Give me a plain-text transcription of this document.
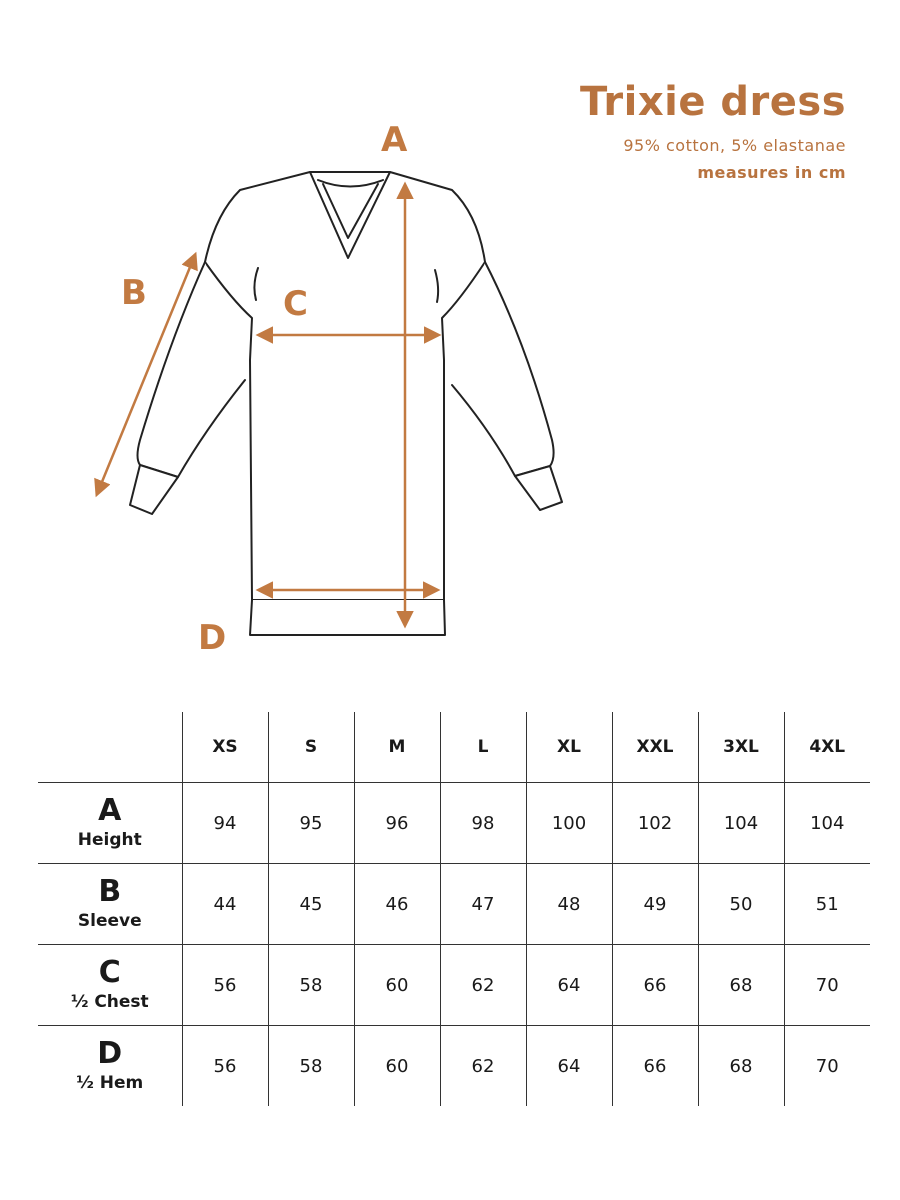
Trixie dress
95% cotton, 5% elastanae
measures in cm
A
B	C
D
	XS	S	M	L	XL	XXL	3XL	4XL

A
Height	94	95	96	98	100	102	104	104

B
Sleeve	44	45	46	47	48	49	50	51

C
½ Chest	56	58	60	62	64	66	68	70

D
½ Hem	56	58	60	62	64	66	68	70
